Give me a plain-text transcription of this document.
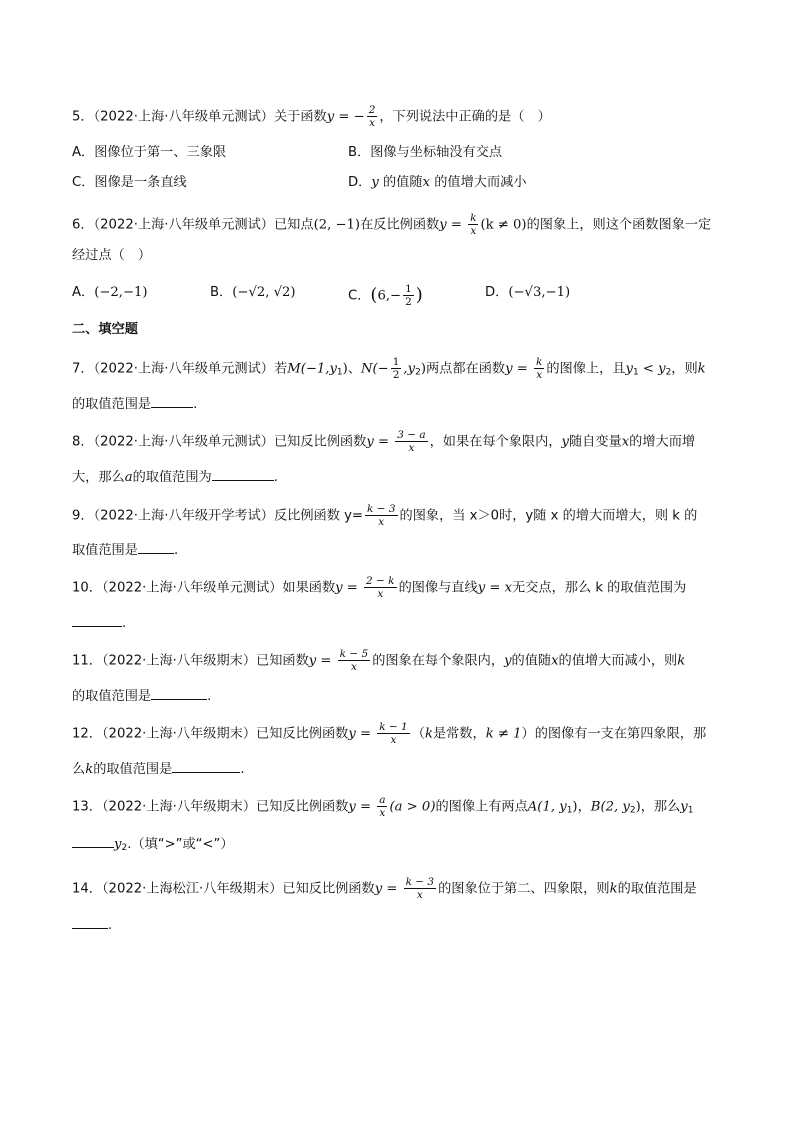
5．（2022·上海·八年级单元测试）关于函数y = − $\frac{2}{x}$ ，下列说法中正确的是（　）
A．图像位于第一、三象限	B．图像与坐标轴没有交点
C．图像是一条直线	D．y 的值随x 的值增大而减小
6．（2022·上海·八年级单元测试）已知点(2, −1)在反比例函数$y = \frac{k}{x} (k \ne 0)$的图象上，则这个函数图象一定
经过点（　）
A．(−2,−1)	B．(−√2, √2)	C．($6,- \frac{1}{2}$ )	D．(−√3,−1)
二、填空题
7．（2022·上海·八年级单元测试）若$M(-1,y_1)$、$N(- \frac{1}{2} ,y_2)$两点都在函数$y = \frac{k}{x}$ 的图像上，且$y_1 < y_2$，则k
的取值范围是	.
8．（2022·上海·八年级单元测试）已知反比例函数$y = \frac{3 - a}{x}$ ，如果在每个象限内，y随自变量x的增大而增
大，那么a的取值范围为	.
9．（2022·上海·八年级开学考试）反比例函数 $y= \frac{k - 3}{x}$ 的图象，当 x＞0时，y随 x 的增大而增大，则 k 的
取值范围是	.
10．（2022·上海·八年级单元测试）如果函数$y = \frac{2 - k}{x}$ 的图像与直线y = x无交点，那么 k 的取值范围为
.
11．（2022·上海·八年级期末）已知函数$y = \frac{k - 5}{x}$ 的图象在每个象限内，y的值随x的值增大而减小，则k
的取值范围是	.
12．（2022·上海·八年级期末）已知反比例函数$y = \frac{k - 1}{x} (k$是常数，k ≠ 1）的图像有一支在第四象限，那
么k的取值范围是	.
13．（2022·上海·八年级期末）已知反比例函数$y = \frac{a}{x} (a > 0)$的图像上有两点A(1, $y_1$)，B(2, $y_2$)，那么$y_1$
$y_2$.（填“>”或“<”）
14．（2022·上海松江·八年级期末）已知反比例函数$y = \frac{k - 3}{x}$ 的图象位于第二、四象限，则k的取值范围是
.
